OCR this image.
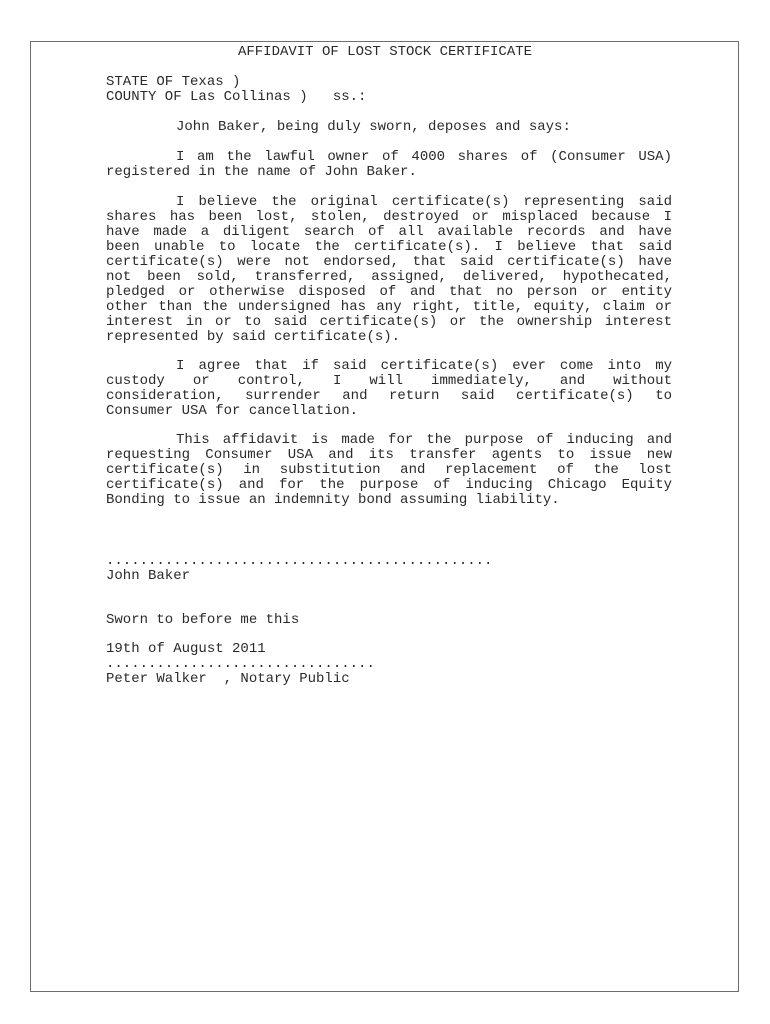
AFFIDAVIT OF LOST STOCK CERTIFICATE
STATE OF Texas )
COUNTY OF Las Collinas )   ss.:
John Baker, being duly sworn, deposes and says:
I am the lawful owner of 4000 shares of (Consumer USA)
registered in the name of John Baker.
I believe the original certificate(s) representing said
shares has been lost, stolen, destroyed or misplaced because I
have made a diligent search of all available records and have
been unable to locate the certificate(s). I believe that said
certificate(s) were not endorsed, that said certificate(s) have
not been sold, transferred, assigned, delivered, hypothecated,
pledged or otherwise disposed of and that no person or entity
other than the undersigned has any right, title, equity, claim or
interest in or to said certificate(s) or the ownership interest
represented by said certificate(s).
I agree that if said certificate(s) ever come into my
custody or control, I will immediately, and without
consideration, surrender and return said certificate(s) to
Consumer USA for cancellation.
This affidavit is made for the purpose of inducing and
requesting Consumer USA and its transfer agents to issue new
certificate(s) in substitution and replacement of the lost
certificate(s) and for the purpose of inducing Chicago Equity
Bonding to issue an indemnity bond assuming liability.
..............................................
John Baker
Sworn to before me this
19th of August 2011
................................
Peter Walker  , Notary Public
